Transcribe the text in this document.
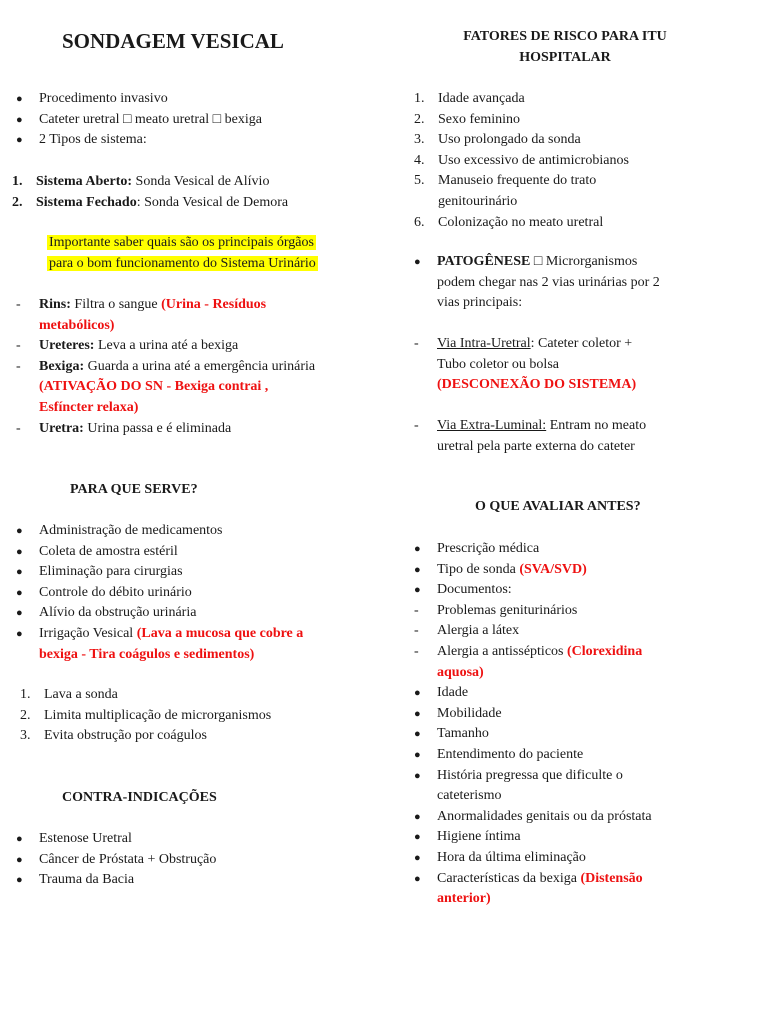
SONDAGEM VESICAL
●	Procedimento invasivo
●	Cateter uretral □ meato uretral □ bexiga
●	2 Tipos de sistema:
1. Sistema Aberto: Sonda Vesical de Alívio
2. Sistema Fechado: Sonda Vesical de Demora
Importante saber quais são os principais órgãos
para o bom funcionamento do Sistema Urinário
- Rins: Filtra o sangue (Urina - Resíduos
metabólicos)
- Ureteres: Leva a urina até a bexiga
- Bexiga: Guarda a urina até a emergência urinária
(ATIVAÇÃO DO SN - Bexiga contrai ,
Esfíncter relaxa)
- Uretra: Urina passa e é eliminada
PARA QUE SERVE?
●	Administração de medicamentos
●	Coleta de amostra estéril
●	Eliminação para cirurgias
●	Controle do débito urinário
●	Alívio da obstrução urinária
● Irrigação Vesical (Lava a mucosa que cobre a
bexiga - Tira coágulos e sedimentos)
1. Lava a sonda
2. Limita multiplicação de microrganismos
3. Evita obstrução por coágulos
CONTRA-INDICAÇÕES
●	Estenose Uretral
●	Câncer de Próstata + Obstrução
●	Trauma da Bacia
FATORES DE RISCO PARA ITU
HOSPITALAR
1. Idade avançada
2. Sexo feminino
3. Uso prolongado da sonda
4. Uso excessivo de antimicrobianos
5. Manuseio frequente do trato
genitourinário
6. Colonização no meato uretral
● PATOGÊNESE □ Microrganismos
podem chegar nas 2 vias urinárias por 2
vias principais:
- Via Intra-Uretral: Cateter coletor +
Tubo coletor ou bolsa
(DESCONEXÃO DO SISTEMA)
- Via Extra-Luminal: Entram no meato
uretral pela parte externa do cateter
O QUE AVALIAR ANTES?
●	Prescrição médica
● Tipo de sonda (SVA/SVD)
●	Documentos:
-	Problemas geniturinários
-	Alergia a látex
- Alergia a antissépticos (Clorexidina
aquosa)
●	Idade
●	Mobilidade
●	Tamanho
●	Entendimento do paciente
●	História pregressa que dificulte o
cateterismo
●	Anormalidades genitais ou da próstata
●	Higiene íntima
●	Hora da última eliminação
● Características da bexiga (Distensão
anterior)
